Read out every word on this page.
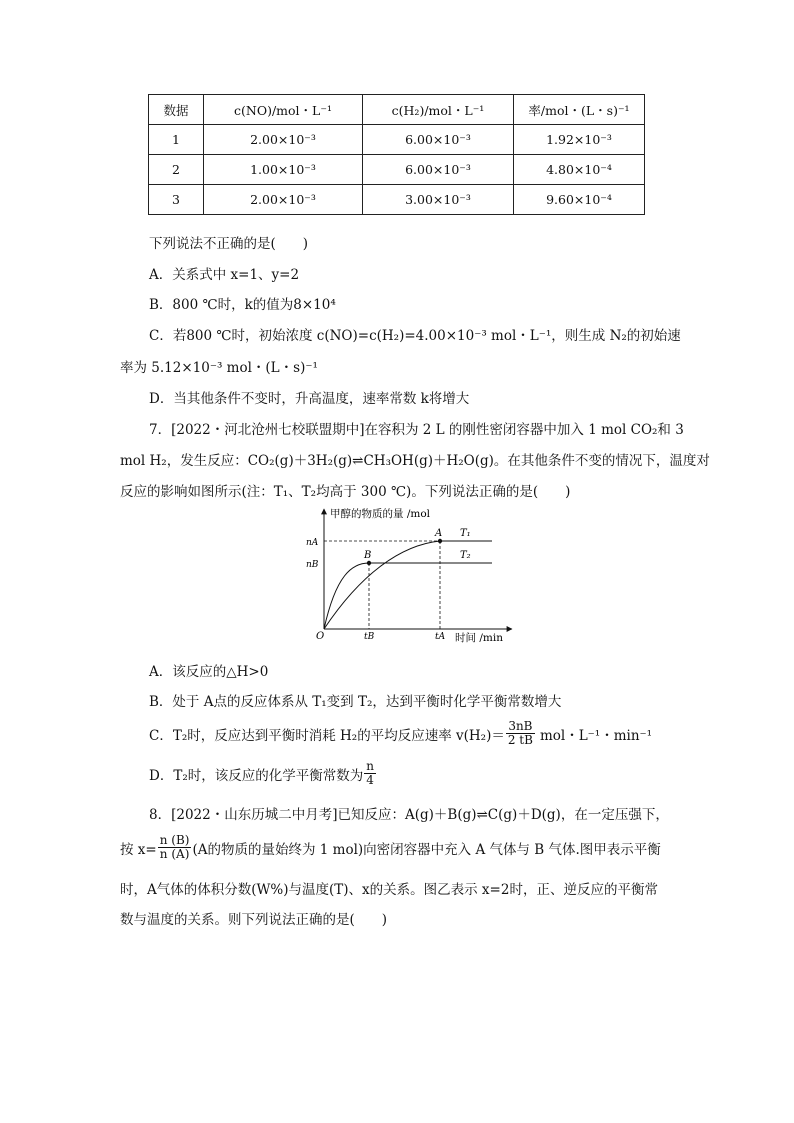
数据	c(NO)/mol・L⁻¹	c(H₂)/mol・L⁻¹	率/mol・(L・s)⁻¹
1	2.00×10⁻³	6.00×10⁻³	1.92×10⁻³
2	1.00×10⁻³	6.00×10⁻³	4.80×10⁻⁴
3	2.00×10⁻³	3.00×10⁻³	9.60×10⁻⁴
下列说法不正确的是(　　)
A．关系式中 x=1、y=2
B．800 ℃时，k的值为8×10⁴
C．若800 ℃时，初始浓度 c(NO)=c(H₂)=4.00×10⁻³ mol・L⁻¹，则生成 N₂的初始速
率为 5.12×10⁻³ mol・(L・s)⁻¹
D．当其他条件不变时，升高温度，速率常数 k将增大
7．[2022・河北沧州七校联盟期中]在容积为 2 L 的刚性密闭容器中加入 1 mol CO₂和 3
mol H₂，发生反应：CO₂(g)＋3H₂(g)⇌CH₃OH(g)＋H₂O(g)。在其他条件不变的情况下，温度对
反应的影响如图所示(注：T₁、T₂均高于 300 ℃)。下列说法正确的是(　　)
甲醇的物质的量 /mol
时间 /min
O
A
B
nA
nB
tB	tA
T₁
T₂
A．该反应的△H>0
B．处于 A点的反应体系从 T₁变到 T₂，达到平衡时化学平衡常数增大
C．T₂时，反应达到平衡时消耗 H₂的平均反应速率 $v(H_2)= \frac{3nB}{2 tB}$ mol・L⁻¹・min⁻¹
D．T₂时，该反应的化学平衡常数为 $\frac{n}{4}$
8．[2022・山东历城二中月考]已知反应：A(g)＋B(g)⇌C(g)＋D(g)，在一定压强下，
按 $x= \frac{n (B)}{n (A)} (A$的物质的量始终为 1 mol)向密闭容器中充入 A 气体与 B 气体.图甲表示平衡
时，A气体的体积分数(W%)与温度(T)、x的关系。图乙表示 x=2时，正、逆反应的平衡常
数与温度的关系。则下列说法正确的是(　　)
